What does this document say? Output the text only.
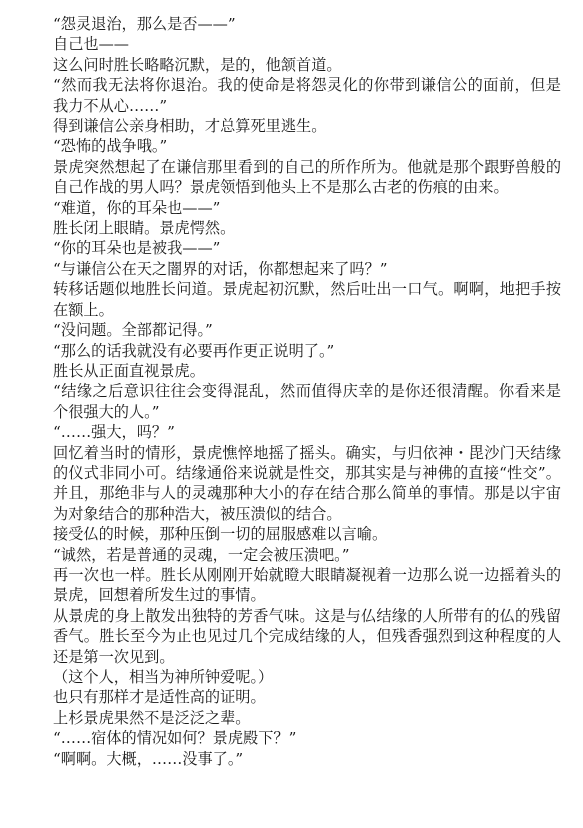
“怨灵退治，那么是否——”

自己也——

这么问时胜长略略沉默，是的，他颔首道。

“然而我无法将你退治。我的使命是将怨灵化的你带到谦信公的面前，但是我力不从心……”

得到谦信公亲身相助，才总算死里逃生。

“恐怖的战争哦。”

景虎突然想起了在谦信那里看到的自己的所作所为。他就是那个跟野兽般的自己作战的男人吗？景虎领悟到他头上不是那么古老的伤痕的由来。

“难道，你的耳朵也——”

胜长闭上眼睛。景虎愕然。

“你的耳朵也是被我——”

“与谦信公在天之闇界的对话，你都想起来了吗？”

转移话题似地胜长问道。景虎起初沉默，然后吐出一口气。啊啊，地把手按在额上。

“没问题。全部都记得。”

“那么的话我就没有必要再作更正说明了。”

胜长从正面直视景虎。

“结缘之后意识往往会变得混乱，然而值得庆幸的是你还很清醒。你看来是个很强大的人。”

“……强大，吗？”

回忆着当时的情形，景虎憔悴地摇了摇头。确实，与归依神・毘沙门天结缘的仪式非同小可。结缘通俗来说就是性交，那其实是与神佛的直接“性交”。并且，那绝非与人的灵魂那种大小的存在结合那么简单的事情。那是以宇宙为对象结合的那种浩大，被压溃似的结合。

接受仏的时候，那种压倒一切的屈服感难以言喻。

“诚然，若是普通的灵魂，一定会被压溃吧。”

再一次也一样。胜长从刚刚开始就瞪大眼睛凝视着一边那么说一边摇着头的景虎，回想着所发生过的事情。

从景虎的身上散发出独特的芳香气味。这是与仏结缘的人所带有的仏的残留香气。胜长至今为止也见过几个完成结缘的人，但残香强烈到这种程度的人还是第一次见到。

（这个人，相当为神所钟爱呢。）

也只有那样才是适性高的证明。

上杉景虎果然不是泛泛之辈。

“……宿体的情况如何？景虎殿下？”

“啊啊。大概，……没事了。”
